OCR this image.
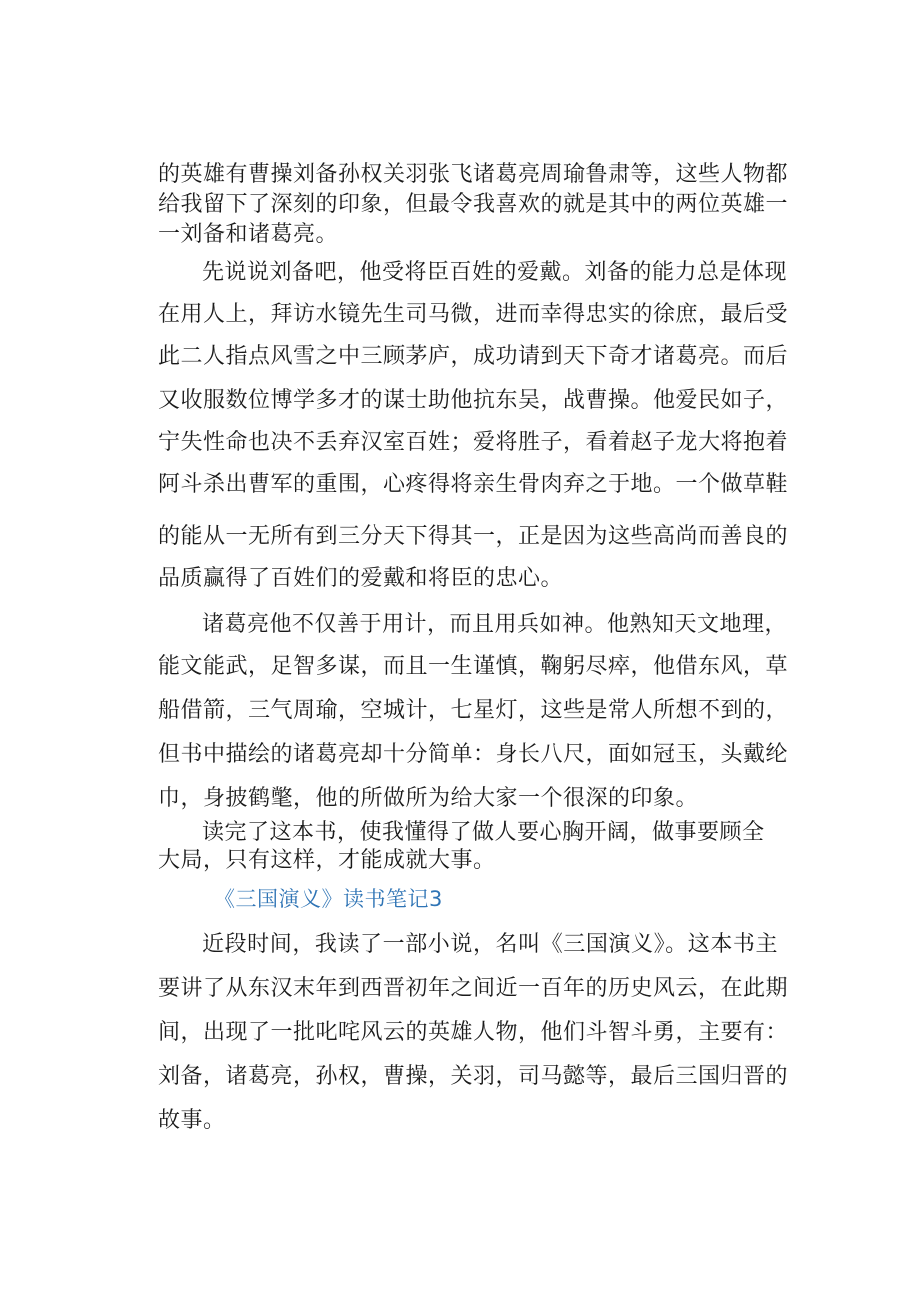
的英雄有曹操刘备孙权关羽张飞诸葛亮周瑜鲁肃等，这些人物都
给我留下了深刻的印象，但最令我喜欢的就是其中的两位英雄一
一刘备和诸葛亮。
先说说刘备吧，他受将臣百姓的爱戴。刘备的能力总是体现
在用人上，拜访水镜先生司马微，进而幸得忠实的徐庶，最后受
此二人指点风雪之中三顾茅庐，成功请到天下奇才诸葛亮。而后
又收服数位博学多才的谋士助他抗东吴，战曹操。他爱民如子，
宁失性命也决不丢弃汉室百姓；爱将胜子，看着赵子龙大将抱着
阿斗杀出曹军的重围，心疼得将亲生骨肉弃之于地。一个做草鞋
的能从一无所有到三分天下得其一，正是因为这些高尚而善良的
品质赢得了百姓们的爱戴和将臣的忠心。
诸葛亮他不仅善于用计，而且用兵如神。他熟知天文地理，
能文能武，足智多谋，而且一生谨慎，鞠躬尽瘁，他借东风，草
船借箭，三气周瑜，空城计，七星灯，这些是常人所想不到的，
但书中描绘的诸葛亮却十分简单：身长八尺，面如冠玉，头戴纶
巾，身披鹤氅，他的所做所为给大家一个很深的印象。
读完了这本书，使我懂得了做人要心胸开阔，做事要顾全
大局，只有这样，才能成就大事。
《三国演义》读书笔记3
近段时间，我读了一部小说，名叫《三国演义》。这本书主
要讲了从东汉末年到西晋初年之间近一百年的历史风云，在此期
间，出现了一批叱咤风云的英雄人物，他们斗智斗勇，主要有：
刘备，诸葛亮，孙权，曹操，关羽，司马懿等，最后三国归晋的
故事。
